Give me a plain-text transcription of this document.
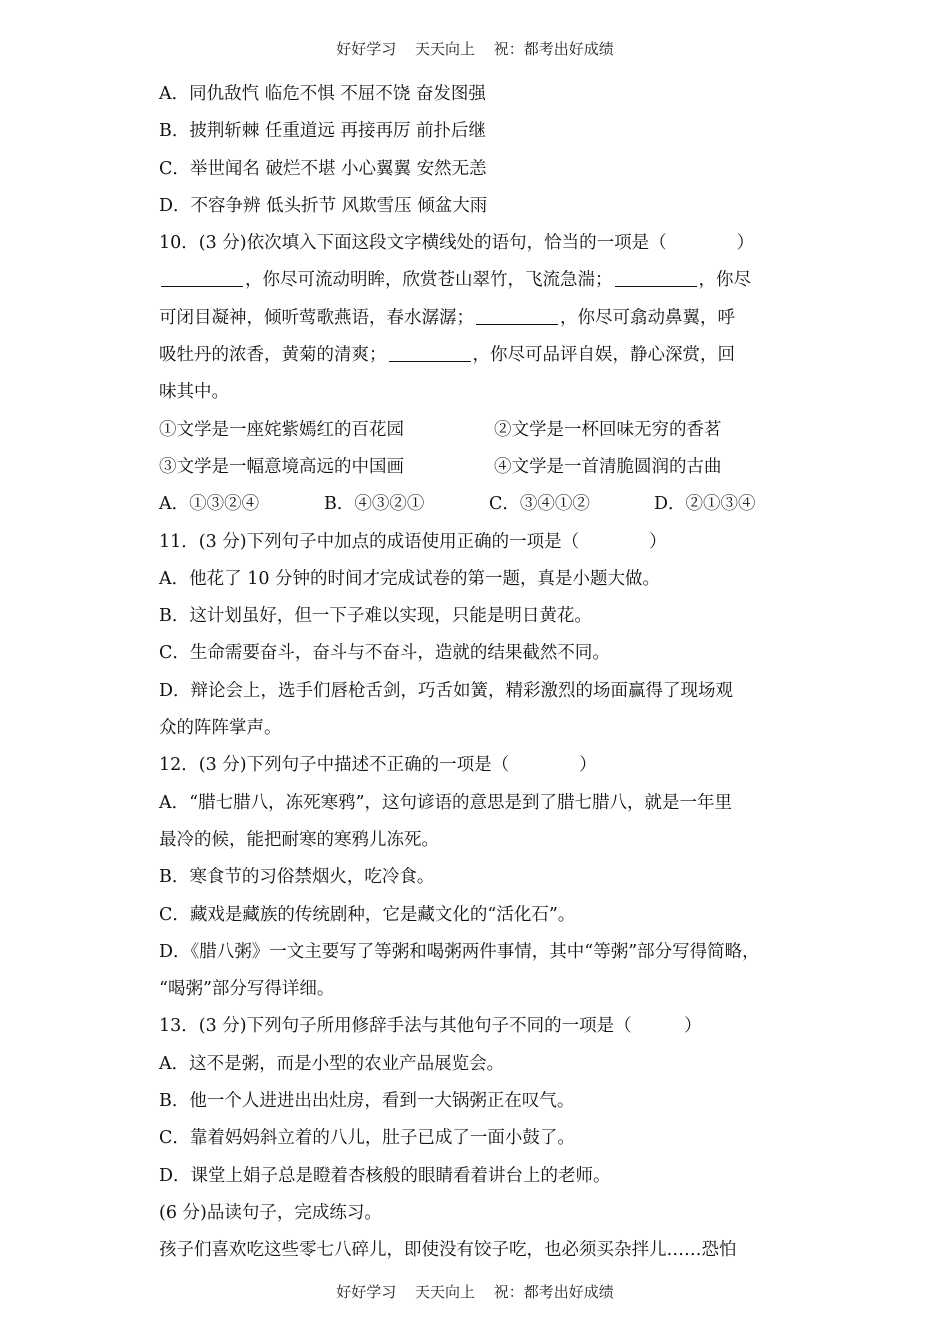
好好学习 天天向上 祝：都考出好成绩
A．同仇敌忾 临危不惧 不屈不饶 奋发图强
B．披荆斩棘 任重道远 再接再厉 前扑后继
C．举世闻名 破烂不堪 小心翼翼 安然无恙
D．不容争辨 低头折节 风欺雪压 倾盆大雨
10．(3 分)依次填入下面这段文字横线处的语句，恰当的一项是（　　　　）
，你尽可流动明眸，欣赏苍山翠竹，飞流急湍；	，你尽
可闭目凝神，倾听莺歌燕语，春水潺潺；	，你尽可翕动鼻翼，呼
吸牡丹的浓香，黄菊的清爽；	，你尽可品评自娱，静心深赏，回
味其中。
①文学是一座姹紫嫣红的百花园	②文学是一杯回味无穷的香茗
③文学是一幅意境高远的中国画	④文学是一首清脆圆润的古曲
A．①③②④	B．④③②①	C．③④①②	D．②①③④
11．(3 分)下列句子中加点的成语使用正确的一项是（　　　　）
A．他花了 10 分钟的时间才完成试卷的第一题，真是小题大做。
B．这计划虽好，但一下子难以实现，只能是明日黄花。
C．生命需要奋斗，奋斗与不奋斗，造就的结果截然不同。
D．辩论会上，选手们唇枪舌剑，巧舌如簧，精彩激烈的场面赢得了现场观
众的阵阵掌声。
12．(3 分)下列句子中描述不正确的一项是（　　　　）
A．“腊七腊八，冻死寒鸦”，这句谚语的意思是到了腊七腊八，就是一年里
最冷的候，能把耐寒的寒鸦儿冻死。
B．寒食节的习俗禁烟火，吃冷食。
C．藏戏是藏族的传统剧种，它是藏文化的“活化石”。
D．《腊八粥》一文主要写了等粥和喝粥两件事情，其中“等粥”部分写得简略，
“喝粥”部分写得详细。
13．(3 分)下列句子所用修辞手法与其他句子不同的一项是（　　　）
A．这不是粥，而是小型的农业产品展览会。
B．他一个人进进出出灶房，看到一大锅粥正在叹气。
C．靠着妈妈斜立着的八儿，肚子已成了一面小鼓了。
D．课堂上娟子总是瞪着杏核般的眼睛看着讲台上的老师。
(6 分)品读句子，完成练习。
孩子们喜欢吃这些零七八碎儿，即使没有饺子吃，也必须买杂拌儿……恐怕
好好学习 天天向上 祝：都考出好成绩
